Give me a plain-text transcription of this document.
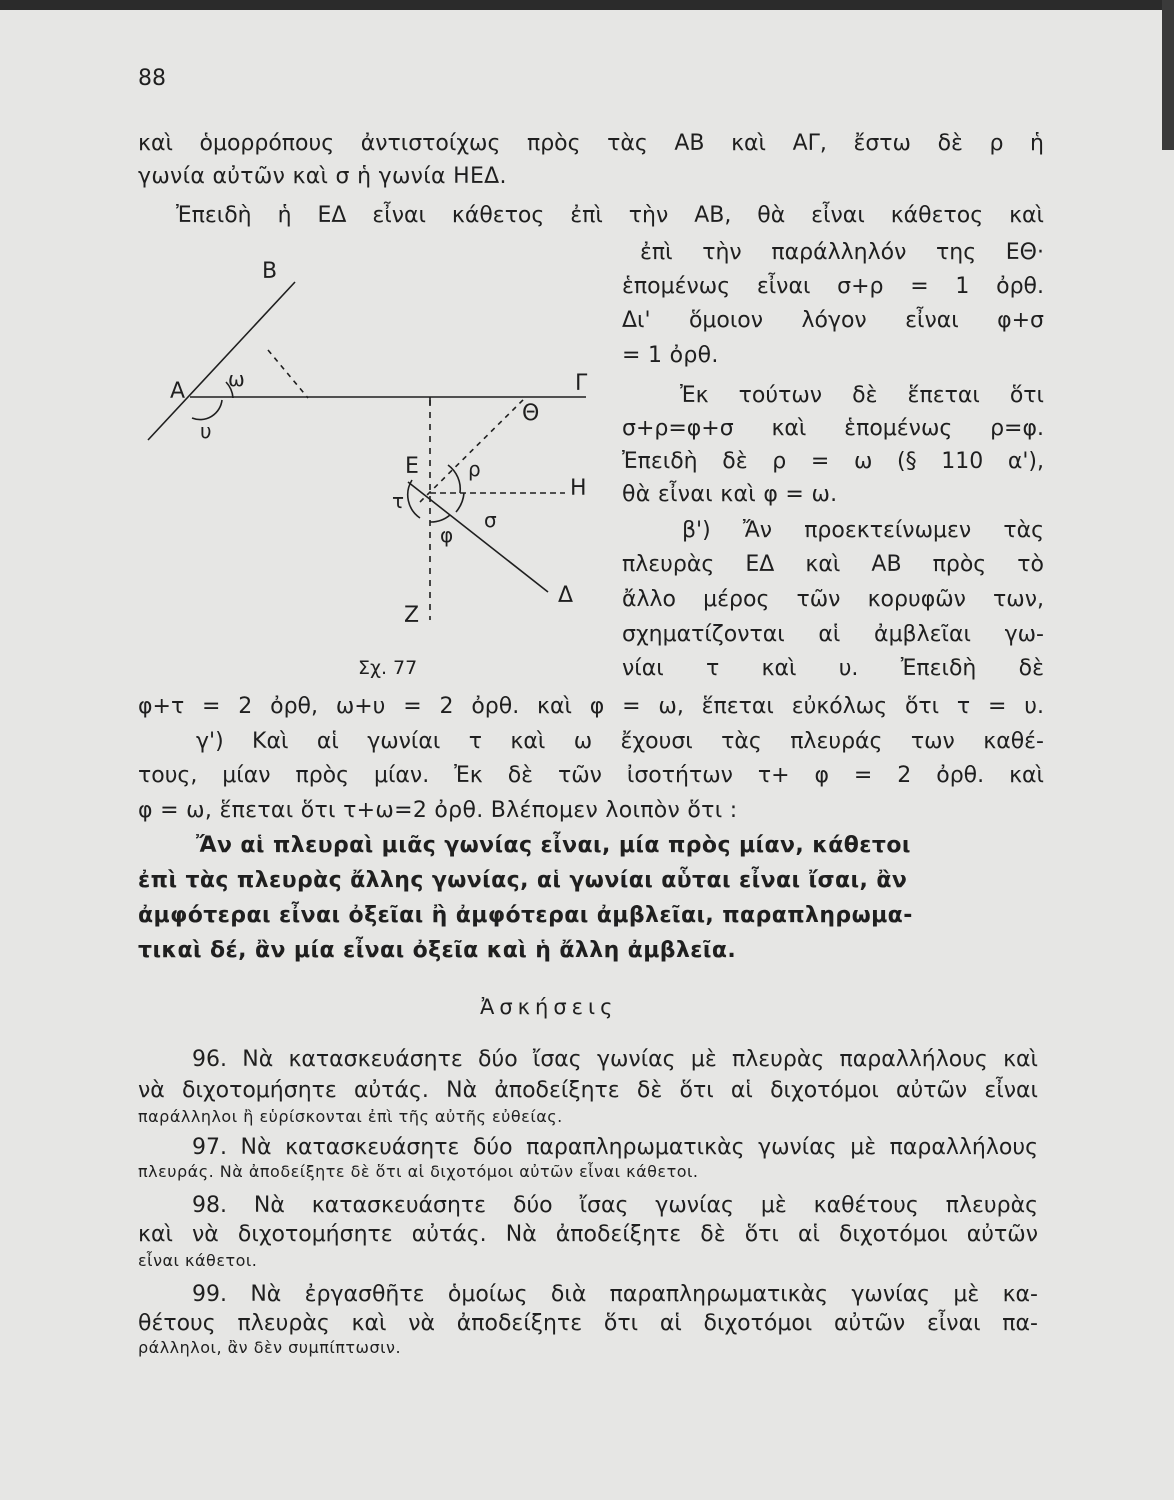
88
καὶ ὁμορρόπους ἀντιστοίχως πρὸς τὰς ΑΒ καὶ ΑΓ, ἔστω δὲ ρ ἡ
γωνία αὐτῶν καὶ σ ἡ γωνία ΗΕΔ.
Ἐπειδὴ ἡ ΕΔ εἶναι κάθετος ἐπὶ τὴν ΑΒ, θὰ εἶναι κάθετος καὶ
ἐπὶ τὴν παράλληλόν της ΕΘ·
ἑπομένως εἶναι σ+ρ = 1 ὀρθ.
Δι' ὅμοιον λόγον εἶναι φ+σ
= 1 ὀρθ.
Ἐκ τούτων δὲ ἕπεται ὅτι
σ+ρ=φ+σ καὶ ἑπομένως ρ=φ.
Ἐπειδὴ δὲ ρ = ω (§ 110 α'),
θὰ εἶναι καὶ φ = ω.
β') Ἄν προεκτείνωμεν τὰς
πλευρὰς ΕΔ καὶ ΑΒ πρὸς τὸ
ἄλλο μέρος τῶν κορυφῶν των,
σχηματίζονται αἱ ἀμβλεῖαι γω-
νίαι τ καὶ υ. Ἐπειδὴ δὲ
Β
Α ω
υ
Γ
Θ
Ε ρ
Η
τ
σ
φ
Δ
Ζ
Σχ. 77
φ+τ = 2 ὀρθ, ω+υ = 2 ὀρθ. καὶ φ = ω, ἕπεται εὐκόλως ὅτι τ = υ.
γ') Καὶ αἱ γωνίαι τ καὶ ω ἔχουσι τὰς πλευράς των καθέ-
τους, μίαν πρὸς μίαν. Ἐκ δὲ τῶν ἰσοτήτων τ+ φ = 2 ὀρθ. καὶ
φ = ω, ἕπεται ὅτι τ+ω=2 ὀρθ. Βλέπομεν λοιπὸν ὅτι :
Ἄν αἱ πλευραὶ μιᾶς γωνίας εἶναι, μία πρὸς μίαν, κάθετοι
ἐπὶ τὰς πλευρὰς ἄλλης γωνίας, αἱ γωνίαι αὗται εἶναι ἴσαι, ἂν
ἀμφότεραι εἶναι ὀξεῖαι ἢ ἀμφότεραι ἀμβλεῖαι, παραπληρωμα-
τικαὶ δέ, ἂν μία εἶναι ὀξεῖα καὶ ἡ ἄλλη ἀμβλεῖα.
Ἀσκήσεις
96. Νὰ κατασκευάσητε δύο ἴσας γωνίας μὲ πλευρὰς παραλλήλους καὶ
νὰ διχοτομήσητε αὐτάς. Νὰ ἀποδείξητε δὲ ὅτι αἱ διχοτόμοι αὐτῶν εἶναι
παράλληλοι ἢ εὑρίσκονται ἐπὶ τῆς αὐτῆς εὐθείας.
97. Νὰ κατασκευάσητε δύο παραπληρωματικὰς γωνίας μὲ παραλλήλους
πλευράς. Νὰ ἀποδείξητε δὲ ὅτι αἱ διχοτόμοι αὐτῶν εἶναι κάθετοι.
98. Νὰ κατασκευάσητε δύο ἴσας γωνίας μὲ καθέτους πλευρὰς
καὶ νὰ διχοτομήσητε αὐτάς. Νὰ ἀποδείξητε δὲ ὅτι αἱ διχοτόμοι αὐτῶν
εἶναι κάθετοι.
99. Νὰ ἐργασθῆτε ὁμοίως διὰ παραπληρωματικὰς γωνίας μὲ κα-
θέτους πλευρὰς καὶ νὰ ἀποδείξητε ὅτι αἱ διχοτόμοι αὐτῶν εἶναι πα-
ράλληλοι, ἂν δὲν συμπίπτωσιν.
